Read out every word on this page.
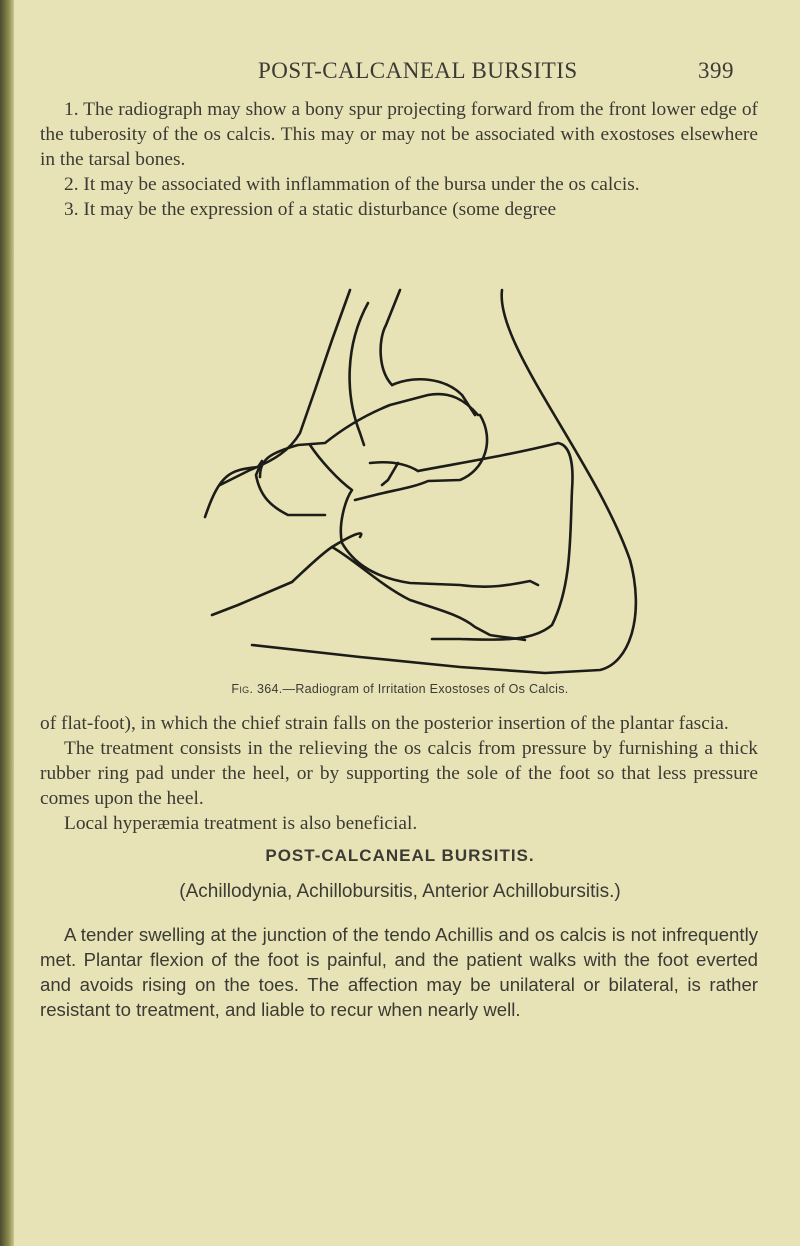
POST-CALCANEAL BURSITIS	399

1. The radiograph may show a bony spur projecting forward from the front lower edge of the tuberosity of the os calcis. This may or may not be associated with exostoses elsewhere in the tarsal bones.

2. It may be associated with inflammation of the bursa under the os calcis.

3. It may be the expression of a static disturbance (some degree

Fig. 364.—Radiogram of Irritation Exostoses of Os Calcis.

of flat-foot), in which the chief strain falls on the posterior insertion of the plantar fascia.

The treatment consists in the relieving the os calcis from pressure by furnishing a thick rubber ring pad under the heel, or by supporting the sole of the foot so that less pressure comes upon the heel.

Local hyperæmia treatment is also beneficial.

POST-CALCANEAL BURSITIS.
(Achillodynia, Achillobursitis, Anterior Achillobursitis.)

A tender swelling at the junction of the tendo Achillis and os calcis is not infrequently met. Plantar flexion of the foot is painful, and the patient walks with the foot everted and avoids rising on the toes. The affection may be unilateral or bilateral, is rather resistant to treatment, and liable to recur when nearly well.
